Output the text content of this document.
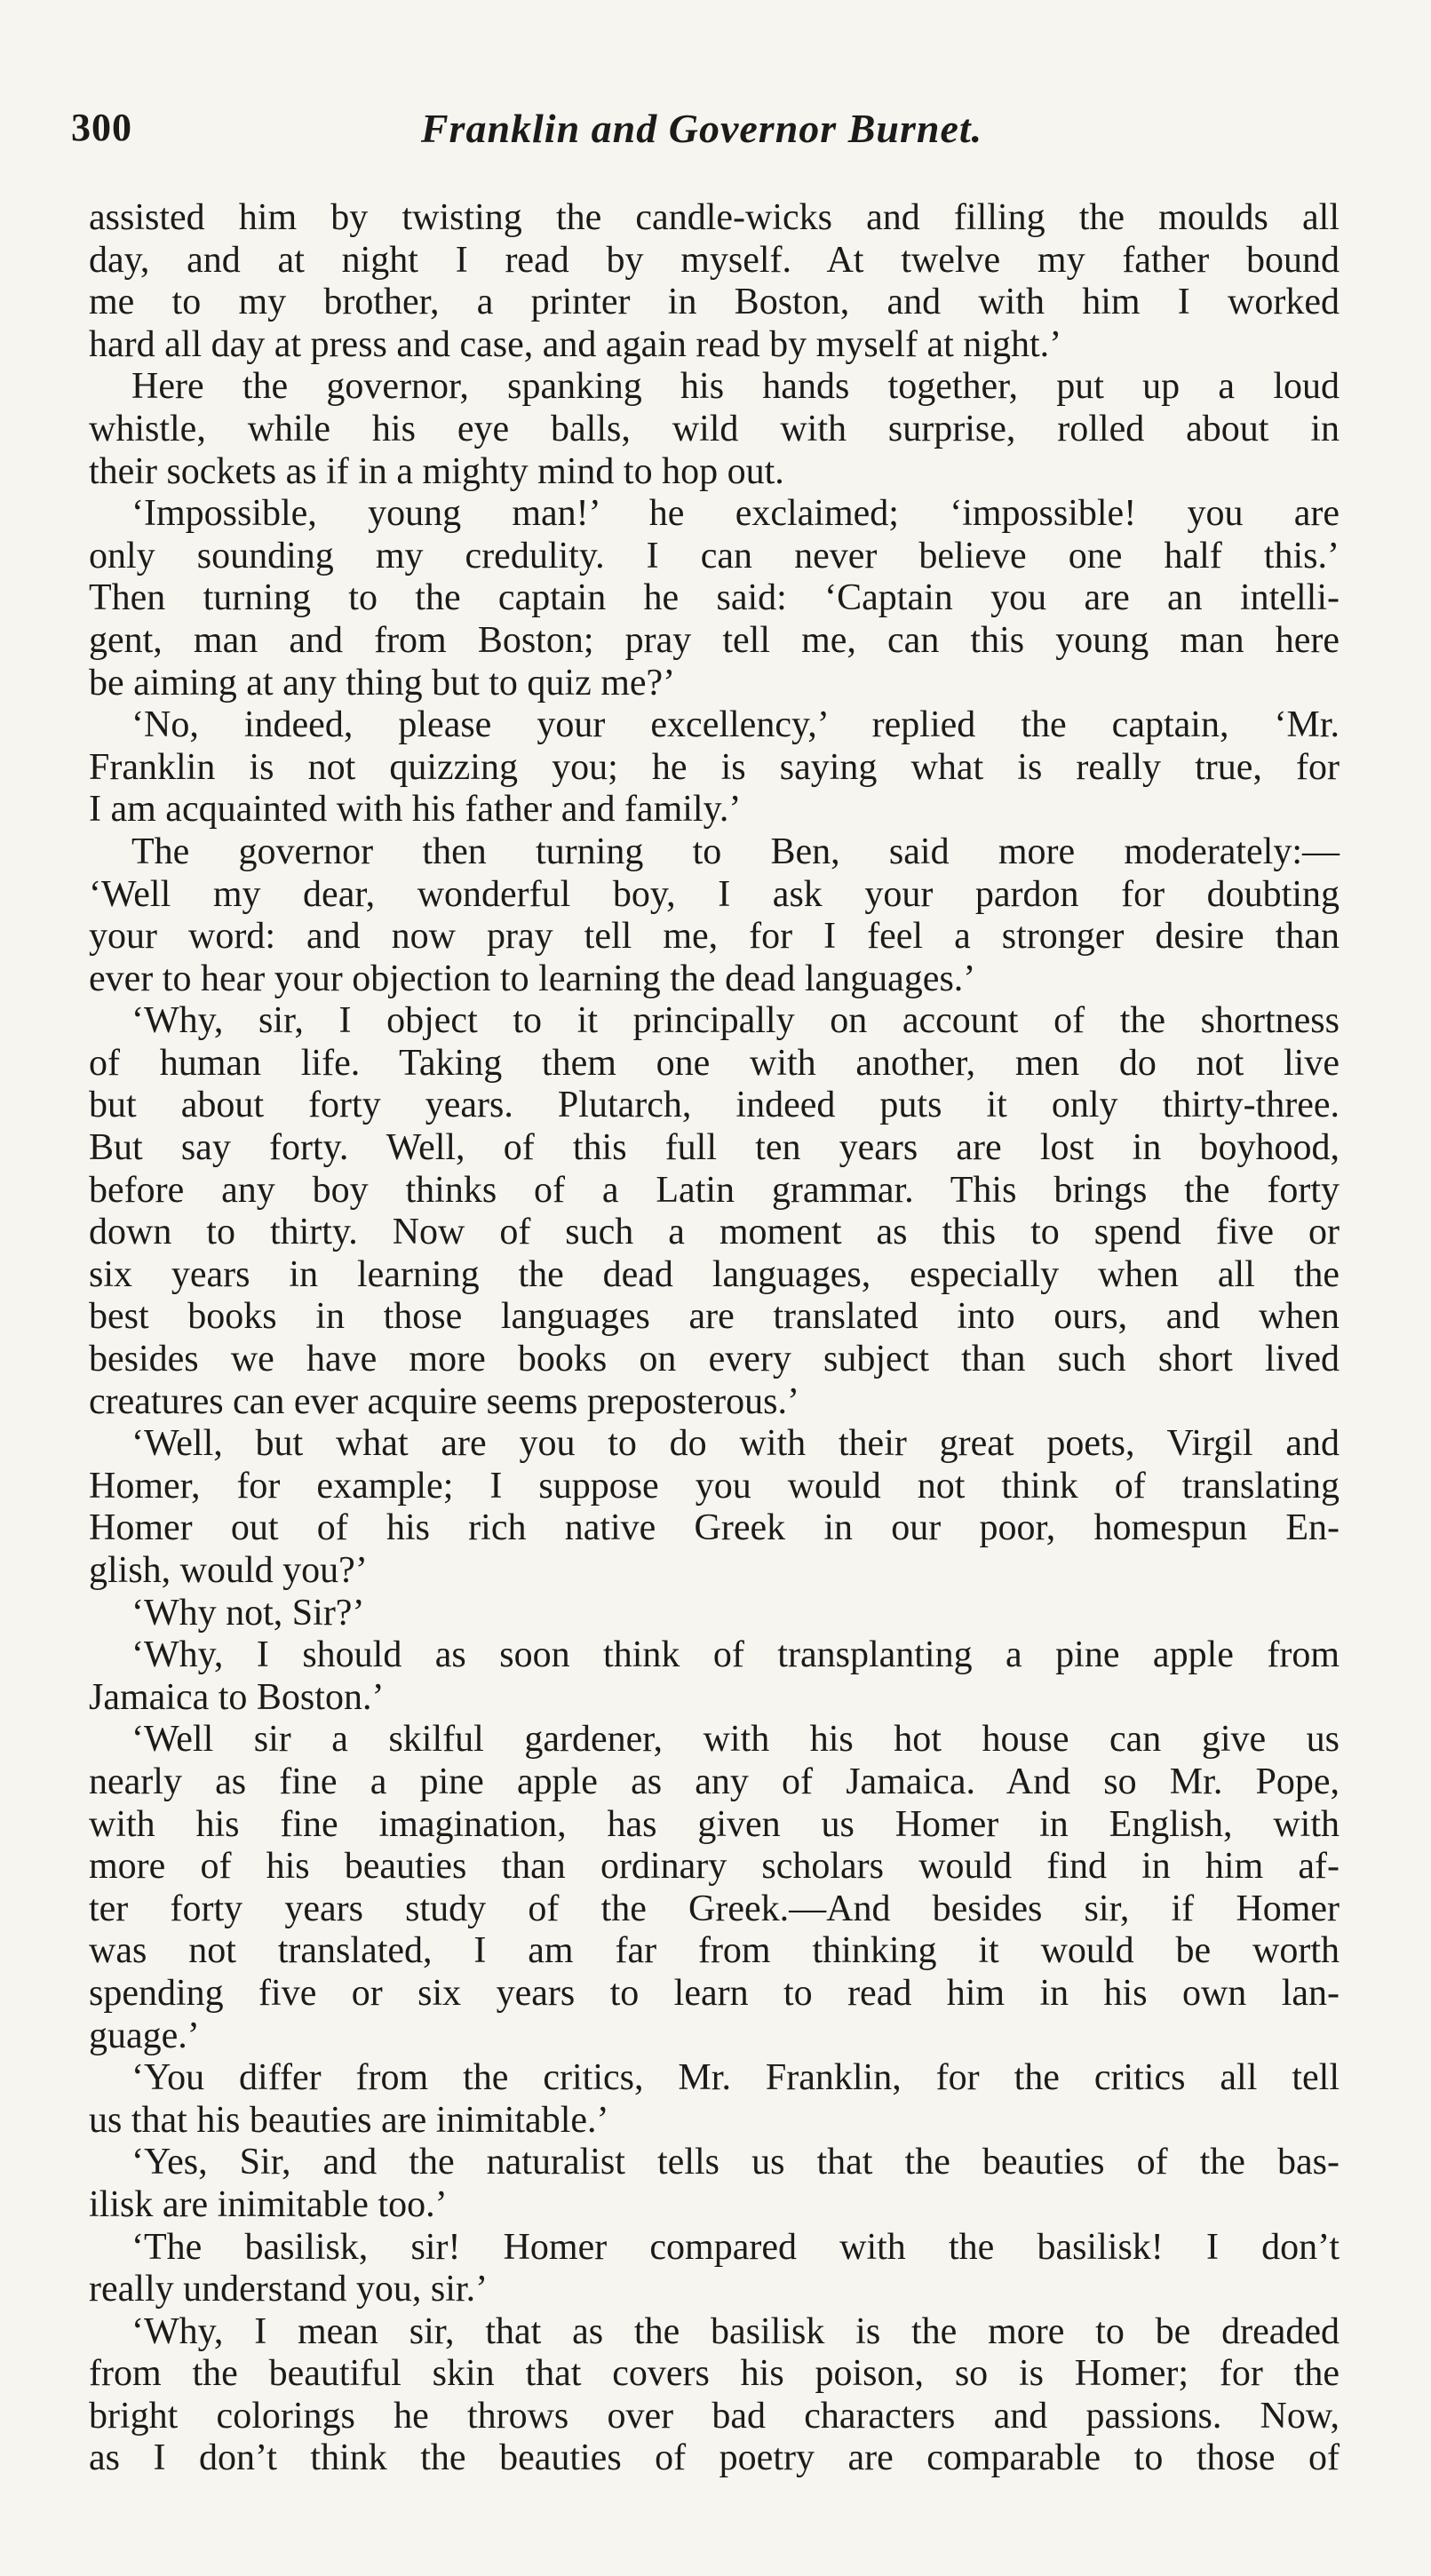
300	Franklin and Governor Burnet.
assisted him by twisting the candle-wicks and filling the moulds all
day, and at night I read by myself. At twelve my father bound
me to my brother, a printer in Boston, and with him I worked
hard all day at press and case, and again read by myself at night.’
Here the governor, spanking his hands together, put up a loud
whistle, while his eye balls, wild with surprise, rolled about in
their sockets as if in a mighty mind to hop out.
‘Impossible, young man!’ he exclaimed; ‘impossible! you are
only sounding my credulity. I can never believe one half this.’
Then turning to the captain he said: ‘Captain you are an intelli-
gent, man and from Boston; pray tell me, can this young man here
be aiming at any thing but to quiz me?’
‘No, indeed, please your excellency,’ replied the captain, ‘Mr.
Franklin is not quizzing you; he is saying what is really true, for
I am acquainted with his father and family.’
The governor then turning to Ben, said more moderately:—
‘Well my dear, wonderful boy, I ask your pardon for doubting
your word: and now pray tell me, for I feel a stronger desire than
ever to hear your objection to learning the dead languages.’
‘Why, sir, I object to it principally on account of the shortness
of human life. Taking them one with another, men do not live
but about forty years. Plutarch, indeed puts it only thirty-three.
But say forty. Well, of this full ten years are lost in boyhood,
before any boy thinks of a Latin grammar. This brings the forty
down to thirty. Now of such a moment as this to spend five or
six years in learning the dead languages, especially when all the
best books in those languages are translated into ours, and when
besides we have more books on every subject than such short lived
creatures can ever acquire seems preposterous.’
‘Well, but what are you to do with their great poets, Virgil and
Homer, for example; I suppose you would not think of translating
Homer out of his rich native Greek in our poor, homespun En-
glish, would you?’
‘Why not, Sir?’
‘Why, I should as soon think of transplanting a pine apple from
Jamaica to Boston.’
‘Well sir a skilful gardener, with his hot house can give us
nearly as fine a pine apple as any of Jamaica. And so Mr. Pope,
with his fine imagination, has given us Homer in English, with
more of his beauties than ordinary scholars would find in him af-
ter forty years study of the Greek.—And besides sir, if Homer
was not translated, I am far from thinking it would be worth
spending five or six years to learn to read him in his own lan-
guage.’
‘You differ from the critics, Mr. Franklin, for the critics all tell
us that his beauties are inimitable.’
‘Yes, Sir, and the naturalist tells us that the beauties of the bas-
ilisk are inimitable too.’
‘The basilisk, sir! Homer compared with the basilisk! I don’t
really understand you, sir.’
‘Why, I mean sir, that as the basilisk is the more to be dreaded
from the beautiful skin that covers his poison, so is Homer; for the
bright colorings he throws over bad characters and passions. Now,
as I don’t think the beauties of poetry are comparable to those of
